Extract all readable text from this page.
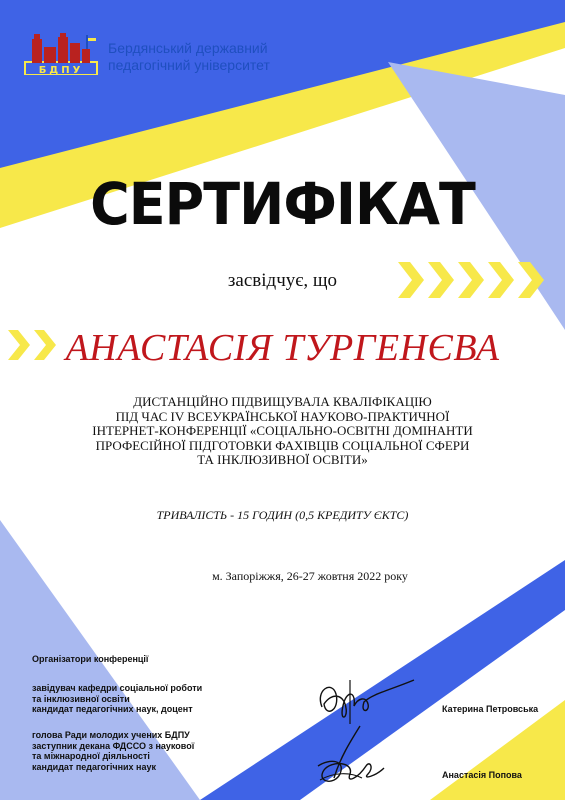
БДПУ
Бердянський державний
педагогічний університет
СЕРТИФІКАТ
засвідчує, що
АНАСТАСІЯ ТУРГЕНЄВА
ДИСТАНЦІЙНО ПІДВИЩУВАЛА КВАЛІФІКАЦІЮ
ПІД ЧАС IV ВСЕУКРАЇНСЬКОЇ НАУКОВО-ПРАКТИЧНОЇ
ІНТЕРНЕТ-КОНФЕРЕНЦІЇ «СОЦІАЛЬНО-ОСВІТНІ ДОМІНАНТИ
ПРОФЕСІЙНОЇ ПІДГОТОВКИ ФАХІВЦІВ СОЦІАЛЬНОЇ СФЕРИ
ТА ІНКЛЮЗИВНОЇ ОСВІТИ»
ТРИВАЛІСТЬ - 15 ГОДИН (0,5 КРЕДИТУ ЄКТС)
м. Запоріжжя, 26-27 жовтня 2022 року
Організатори конференції
завідувач кафедри соціальної роботи
та інклюзивної освіти
кандидат педагогічних наук, доцент
голова Ради молодих учених БДПУ
заступник декана ФДССО з наукової
та міжнародної діяльності
кандидат педагогічних наук
Катерина Петровська
Анастасія Попова
